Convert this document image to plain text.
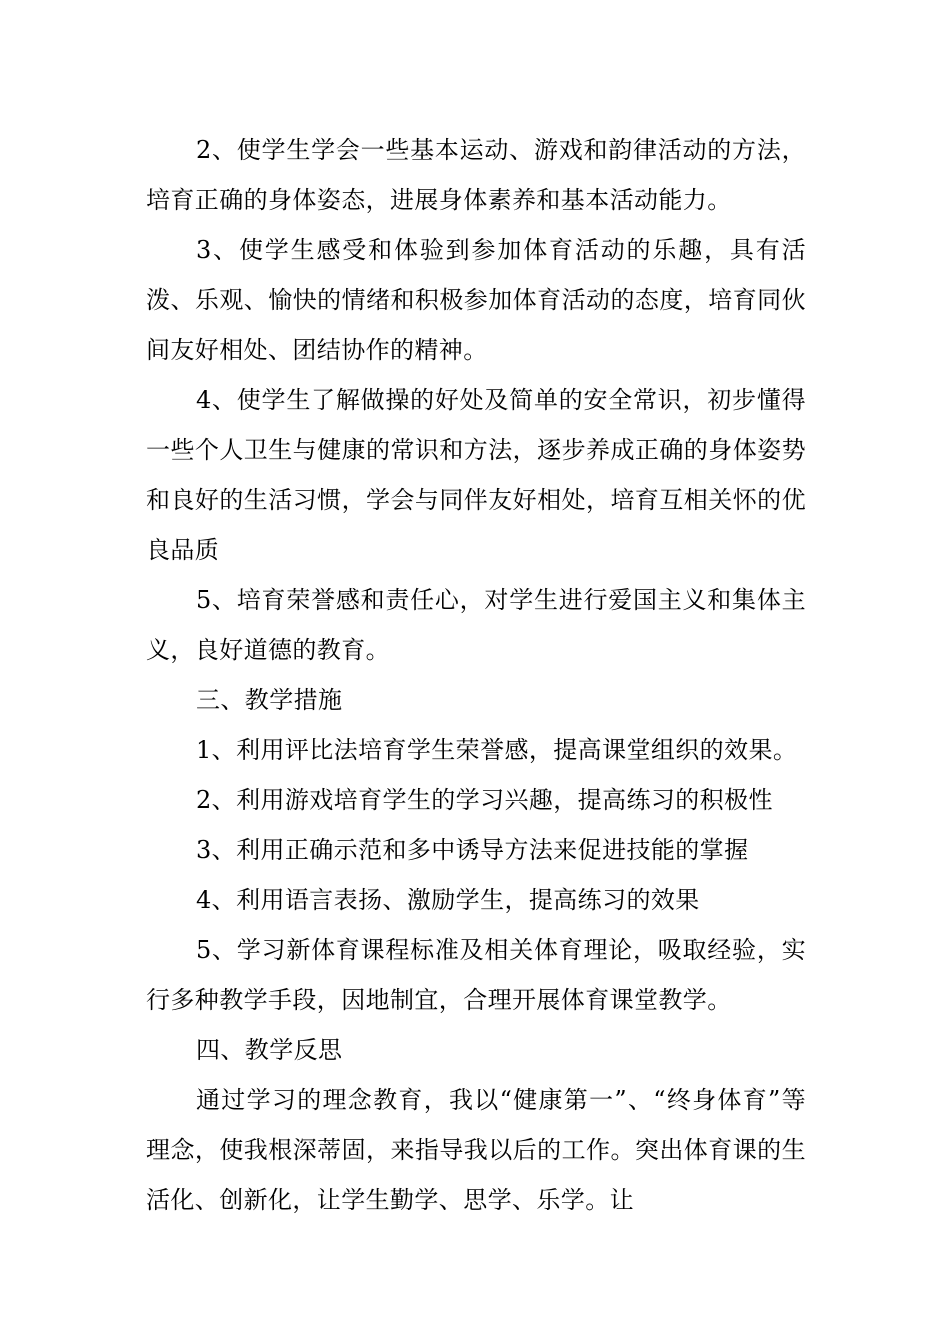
2、使学生学会一些基本运动、游戏和韵律活动的方法，培育正确的身体姿态，进展身体素养和基本活动能力。

3、使学生感受和体验到参加体育活动的乐趣，具有活泼、乐观、愉快的情绪和积极参加体育活动的态度，培育同伙间友好相处、团结协作的精神。

4、使学生了解做操的好处及简单的安全常识，初步懂得一些个人卫生与健康的常识和方法，逐步养成正确的身体姿势和良好的生活习惯，学会与同伴友好相处，培育互相关怀的优良品质

5、培育荣誉感和责任心，对学生进行爱国主义和集体主义，良好道德的教育。

三、教学措施

1、利用评比法培育学生荣誉感，提高课堂组织的效果。

2、利用游戏培育学生的学习兴趣，提高练习的积极性

3、利用正确示范和多中诱导方法来促进技能的掌握

4、利用语言表扬、激励学生，提高练习的效果

5、学习新体育课程标准及相关体育理论，吸取经验，实行多种教学手段，因地制宜，合理开展体育课堂教学。

四、教学反思

通过学习的理念教育，我以“健康第一”、“终身体育”等理念，使我根深蒂固，来指导我以后的工作。突出体育课的生活化、创新化，让学生勤学、思学、乐学。让
